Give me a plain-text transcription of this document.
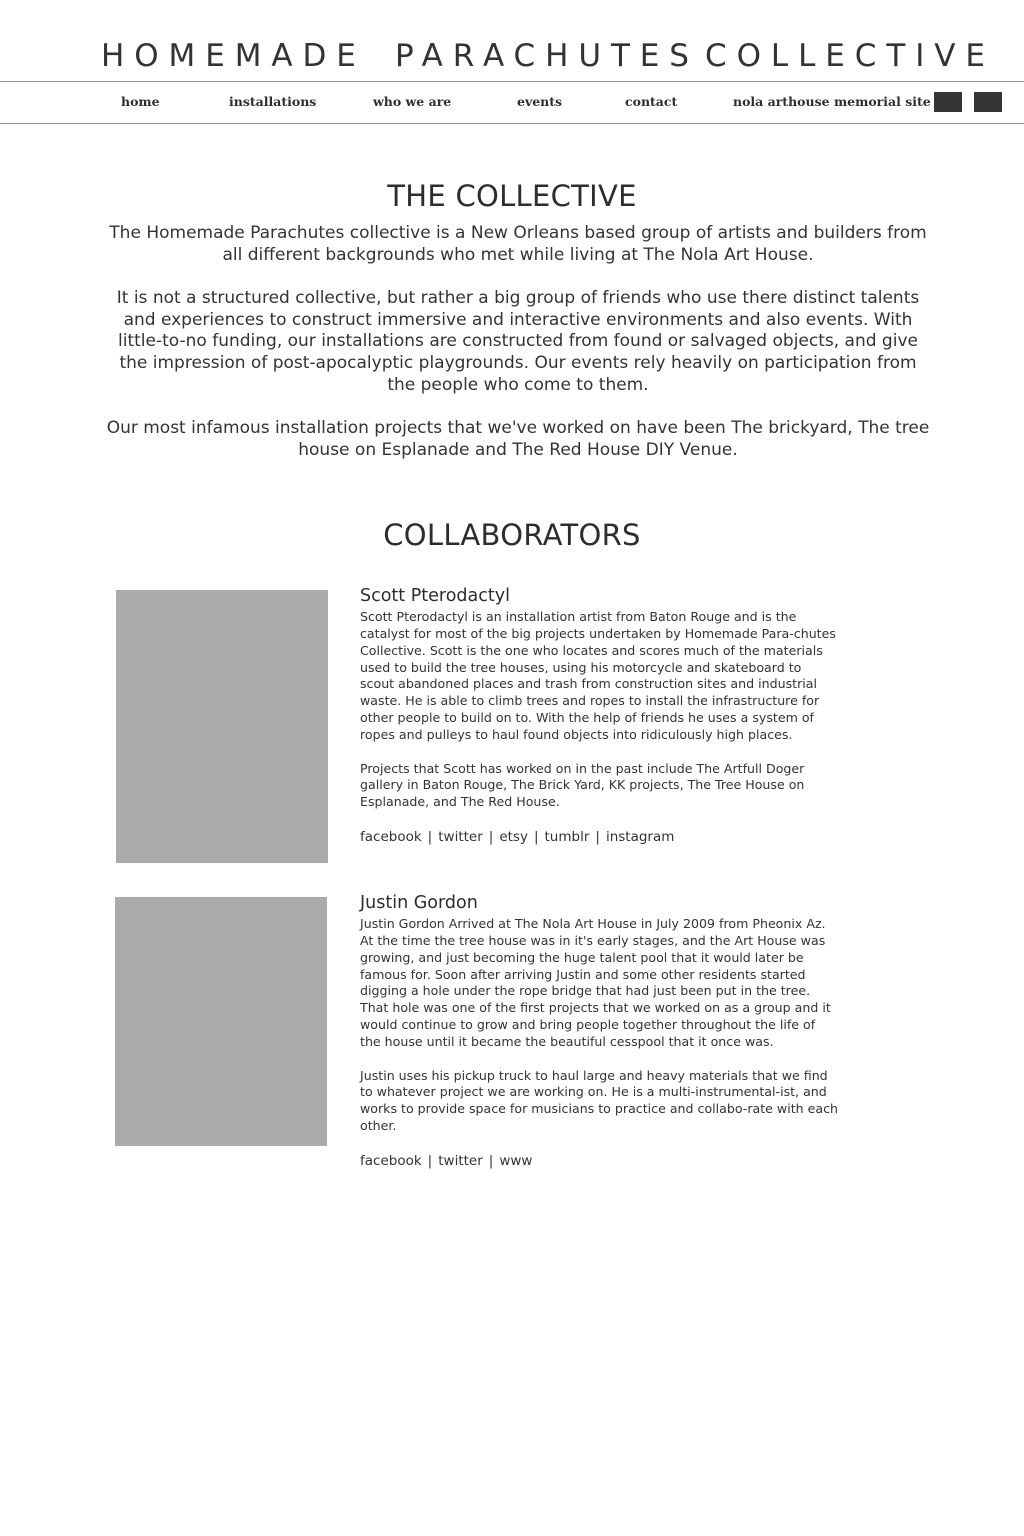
HOMEMADE PARACHUTES COLLECTIVE
home	installations	who we are	events	contact	nola arthouse memorial site
THE COLLECTIVE

The Homemade Parachutes collective is a New Orleans based group of artists and builders from all different backgrounds who met while living at The Nola Art House.

It is not a structured collective, but rather a big group of friends who use there distinct talents and experiences to construct immersive and interactive environments and also events. With little-to-no funding, our installations are constructed from found or salvaged objects, and give the impression of post-apocalyptic playgrounds. Our events rely heavily on participation from the people who come to them.

Our most infamous installation projects that we've worked on have been The brickyard, The tree house on Esplanade and The Red House DIY Venue.

COLLABORATORS
Scott Pterodactyl

Scott Pterodactyl is an installation artist from Baton Rouge and is the catalyst for most of the big projects undertaken by Homemade Para-chutes Collective. Scott is the one who locates and scores much of the materials used to build the tree houses, using his motorcycle and skateboard to scout abandoned places and trash from construction sites and industrial waste. He is able to climb trees and ropes to install the infrastructure for other people to build on to. With the help of friends he uses a system of ropes and pulleys to haul found objects into ridiculously high places.

Projects that Scott has worked on in the past include The Artfull Doger gallery in Baton Rouge, The Brick Yard, KK projects, The Tree House on Esplanade, and The Red House.

facebook | twitter | etsy | tumblr | instagram
Justin Gordon

Justin Gordon Arrived at The Nola Art House in July 2009 from Pheonix Az. At the time the tree house was in it's early stages, and the Art House was growing, and just becoming the huge talent pool that it would later be famous for. Soon after arriving Justin and some other residents started digging a hole under the rope bridge that had just been put in the tree. That hole was one of the first projects that we worked on as a group and it would continue to grow and bring people together throughout the life of the house until it became the beautiful cesspool that it once was.

Justin uses his pickup truck to haul large and heavy materials that we find to whatever project we are working on. He is a multi-instrumental-ist, and works to provide space for musicians to practice and collabo-rate with each other.

facebook | twitter | www
